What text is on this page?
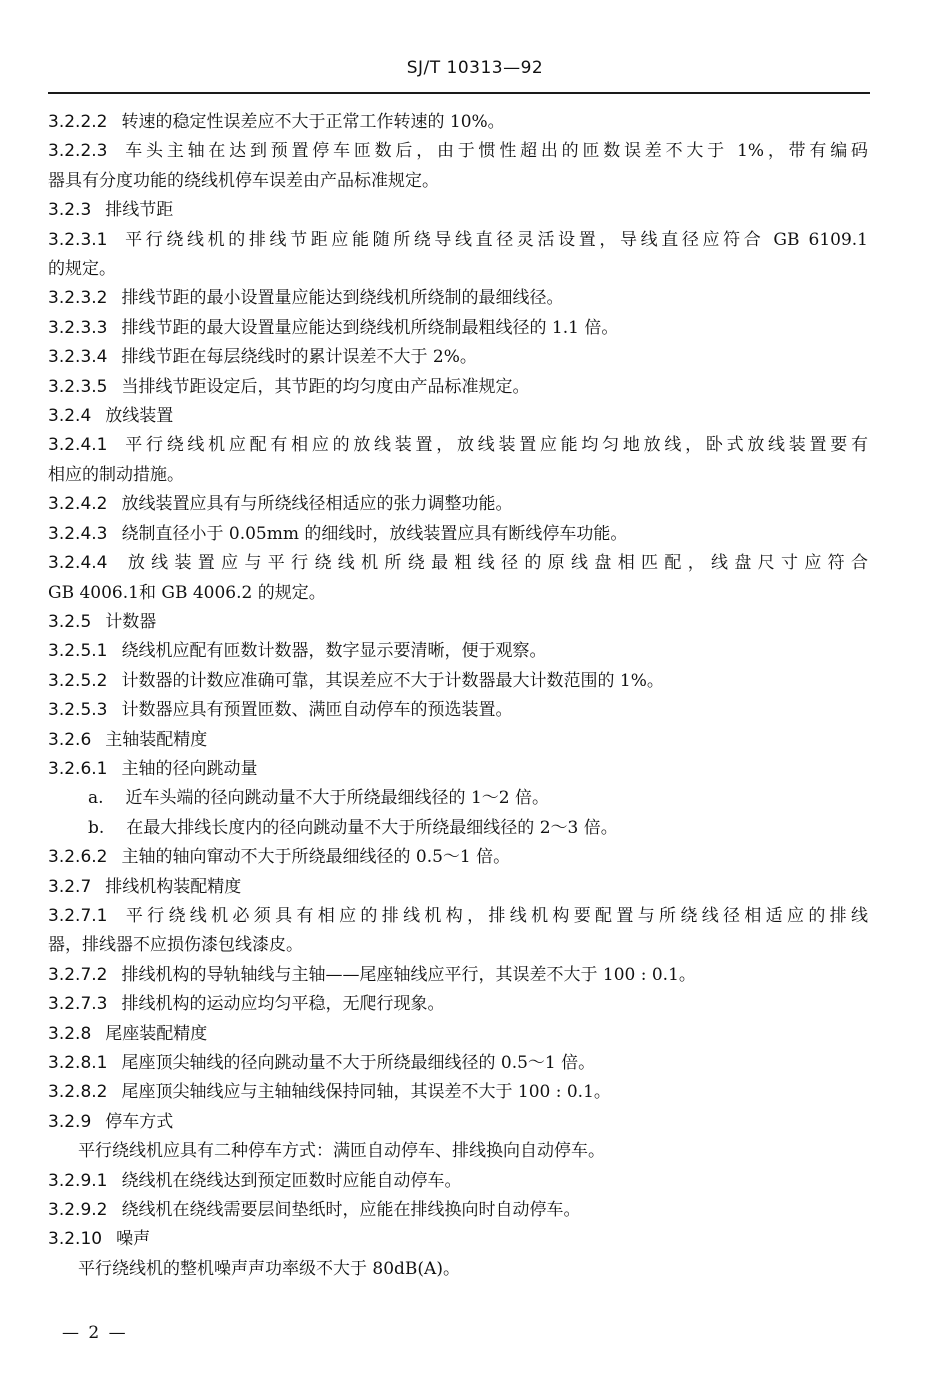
SJ/T 10313—92
3.2.2.2 转速的稳定性误差应不大于正常工作转速的 10%。
3.2.2.3 车头主轴在达到预置停车匝数后，由于惯性超出的匝数误差不大于 1%，带有编码
器具有分度功能的绕线机停车误差由产品标准规定。
3.2.3 排线节距
3.2.3.1 平行绕线机的排线节距应能随所绕导线直径灵活设置，导线直径应符合 GB 6109.1
的规定。
3.2.3.2 排线节距的最小设置量应能达到绕线机所绕制的最细线径。
3.2.3.3 排线节距的最大设置量应能达到绕线机所绕制最粗线径的 1.1 倍。
3.2.3.4 排线节距在每层绕线时的累计误差不大于 2%。
3.2.3.5 当排线节距设定后，其节距的均匀度由产品标准规定。
3.2.4 放线装置
3.2.4.1 平行绕线机应配有相应的放线装置，放线装置应能均匀地放线，卧式放线装置要有
相应的制动措施。
3.2.4.2 放线装置应具有与所绕线径相适应的张力调整功能。
3.2.4.3 绕制直径小于 0.05mm 的细线时，放线装置应具有断线停车功能。
3.2.4.4 放线装置应与平行绕线机所绕最粗线径的原线盘相匹配，线盘尺寸应符合
GB 4006.1和 GB 4006.2 的规定。
3.2.5 计数器
3.2.5.1 绕线机应配有匝数计数器，数字显示要清晰，便于观察。
3.2.5.2 计数器的计数应准确可靠，其误差应不大于计数器最大计数范围的 1%。
3.2.5.3 计数器应具有预置匝数、满匝自动停车的预选装置。
3.2.6 主轴装配精度
3.2.6.1 主轴的径向跳动量
a. 近车头端的径向跳动量不大于所绕最细线径的 1～2 倍。
b. 在最大排线长度内的径向跳动量不大于所绕最细线径的 2～3 倍。
3.2.6.2 主轴的轴向窜动不大于所绕最细线径的 0.5～1 倍。
3.2.7 排线机构装配精度
3.2.7.1 平行绕线机必须具有相应的排线机构，排线机构要配置与所绕线径相适应的排线
器，排线器不应损伤漆包线漆皮。
3.2.7.2 排线机构的导轨轴线与主轴——尾座轴线应平行，其误差不大于 100 : 0.1。
3.2.7.3 排线机构的运动应均匀平稳，无爬行现象。
3.2.8 尾座装配精度
3.2.8.1 尾座顶尖轴线的径向跳动量不大于所绕最细线径的 0.5～1 倍。
3.2.8.2 尾座顶尖轴线应与主轴轴线保持同轴，其误差不大于 100 : 0.1。
3.2.9 停车方式
平行绕线机应具有二种停车方式：满匝自动停车、排线换向自动停车。
3.2.9.1 绕线机在绕线达到预定匝数时应能自动停车。
3.2.9.2 绕线机在绕线需要层间垫纸时，应能在排线换向时自动停车。
3.2.10 噪声
平行绕线机的整机噪声声功率级不大于 80dB(A)。
— 2 —
